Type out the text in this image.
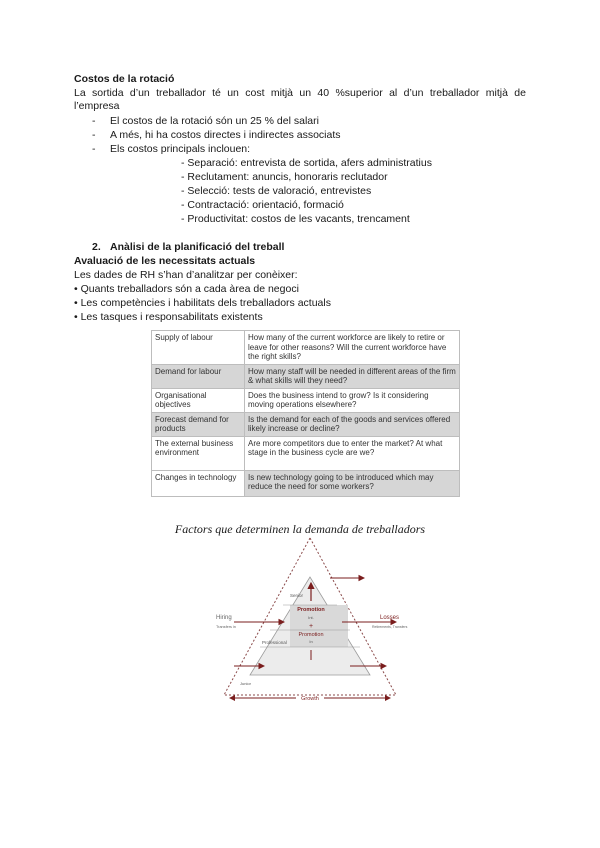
Costos de la rotació
La sortida d’un treballador té un cost mitjà un 40 %superior al d’un treballador mitjà de
l’empresa
- El costos de la rotació són un 25 % del salari
- A més, hi ha costos directes i indirectes associats
- Els costos principals inclouen:
- Separació: entrevista de sortida, afers administratius
- Reclutament: anuncis, honoraris reclutador
- Selecció: tests de valoració, entrevistes
- Contractació: orientació, formació
- Productivitat: costos de les vacants, trencament
2. Anàlisi de la planificació del treball
Avaluació de les necessitats actuals
Les dades de RH s’han d’analitzar per conèixer:
• Quants treballadors són a cada àrea de negoci
• Les competències i habilitats dels treballadors actuals
• Les tasques i responsabilitats existents
Supply of labour	How many of the current workforce are likely to retire or leave for other reasons? Will the current workforce have the right skills?
Demand for labour	How many staff will be needed in different areas of the firm & what skills will they need?
Organisational objectives	Does the business intend to grow? Is it considering moving operations elsewhere?
Forecast demand for products	Is the demand for each of the goods and services offered likely increase or decline?
The external business environment	Are more competitors due to enter the market? At what stage in the business cycle are we?
Changes in technology	Is new technology going to be introduced which may reduce the need for some workers?
Factors que determinen la demanda de treballadors
Senior
Promotion
Int.
+
Promotion
In
Hiring
Transfers in
Losses
Retirements, Transfers
Professional
Junior
Growth
